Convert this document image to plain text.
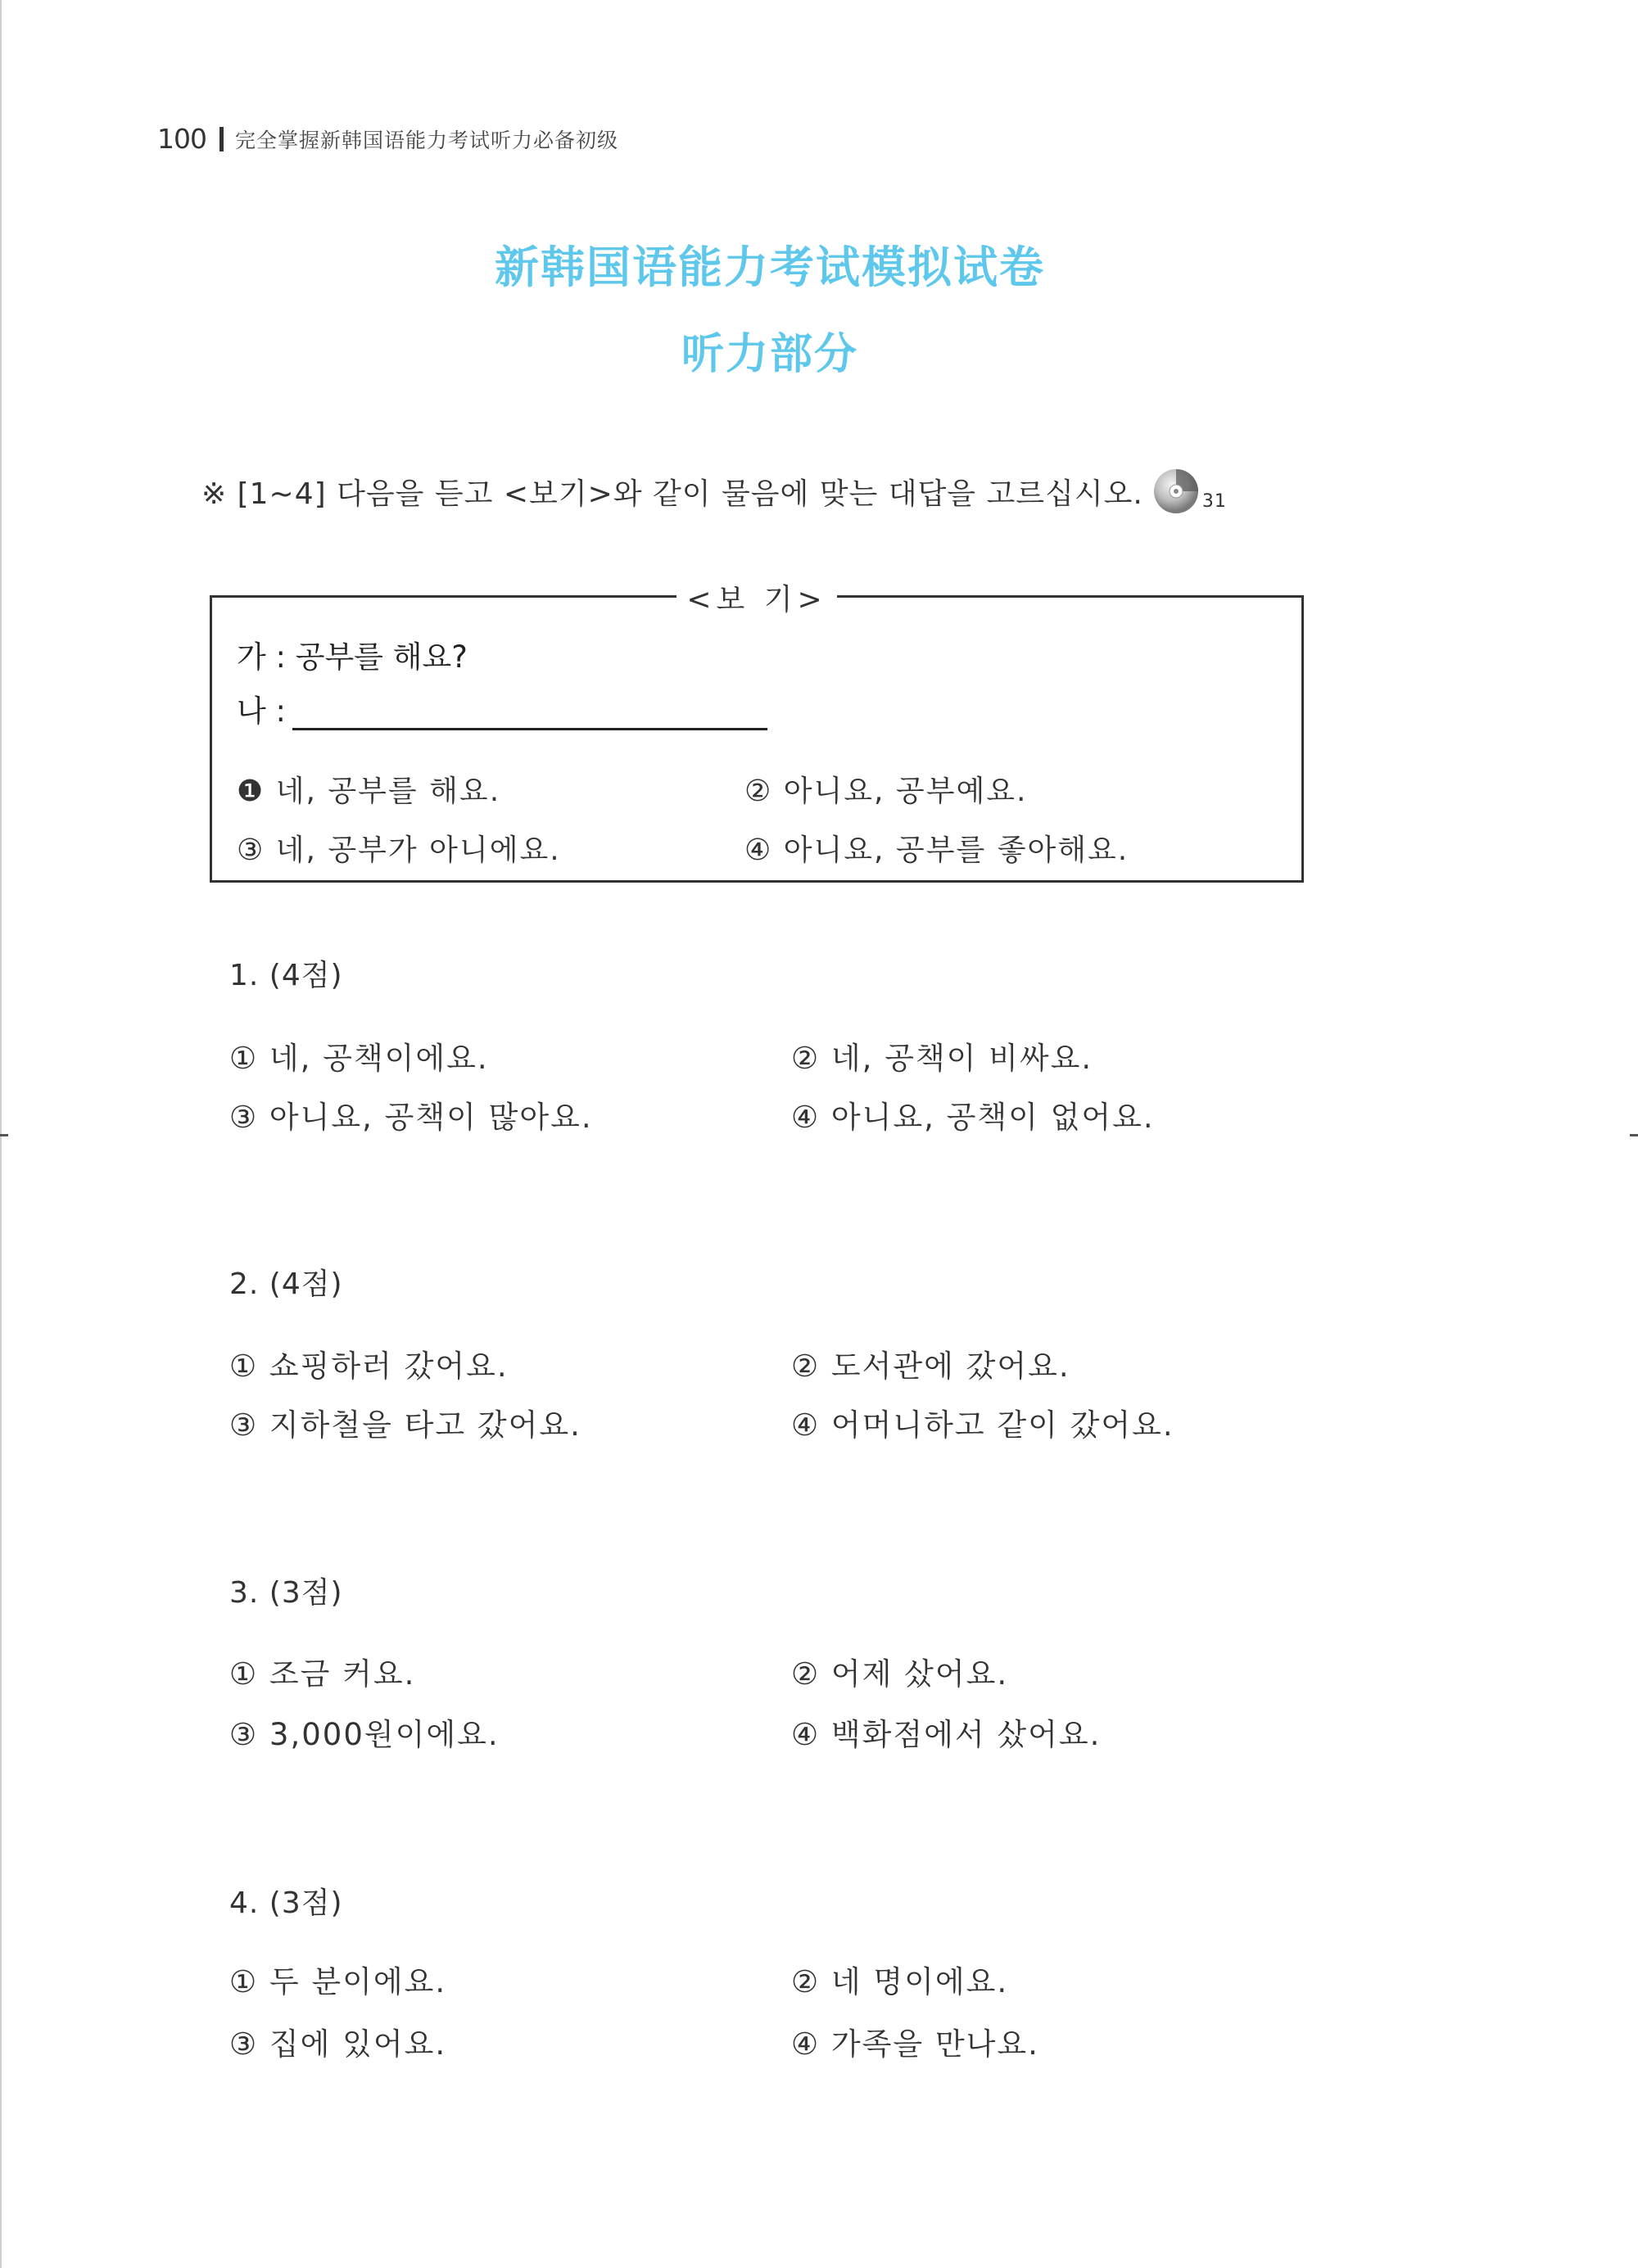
100 完全掌握新韩国语能力考试听力必备初级
新韩国语能力考试模拟试卷
听力部分
※ [1~4] 다음을 듣고 <보기>와 같이 물음에 맞는 대답을 고르십시오.	31
<보 기>
가 : 공부를 해요?
나 :
❶ 네, 공부를 해요.	② 아니요, 공부예요.
③ 네, 공부가 아니에요.	④ 아니요, 공부를 좋아해요.
1. (4점)
① 네, 공책이에요.	② 네, 공책이 비싸요.
③ 아니요, 공책이 많아요.	④ 아니요, 공책이 없어요.
2. (4점)
① 쇼핑하러 갔어요.	② 도서관에 갔어요.
③ 지하철을 타고 갔어요.	④ 어머니하고 같이 갔어요.
3. (3점)
① 조금 커요.	② 어제 샀어요.
③ 3,000원이에요.	④ 백화점에서 샀어요.
4. (3점)
① 두 분이에요.	② 네 명이에요.
③ 집에 있어요.	④ 가족을 만나요.
